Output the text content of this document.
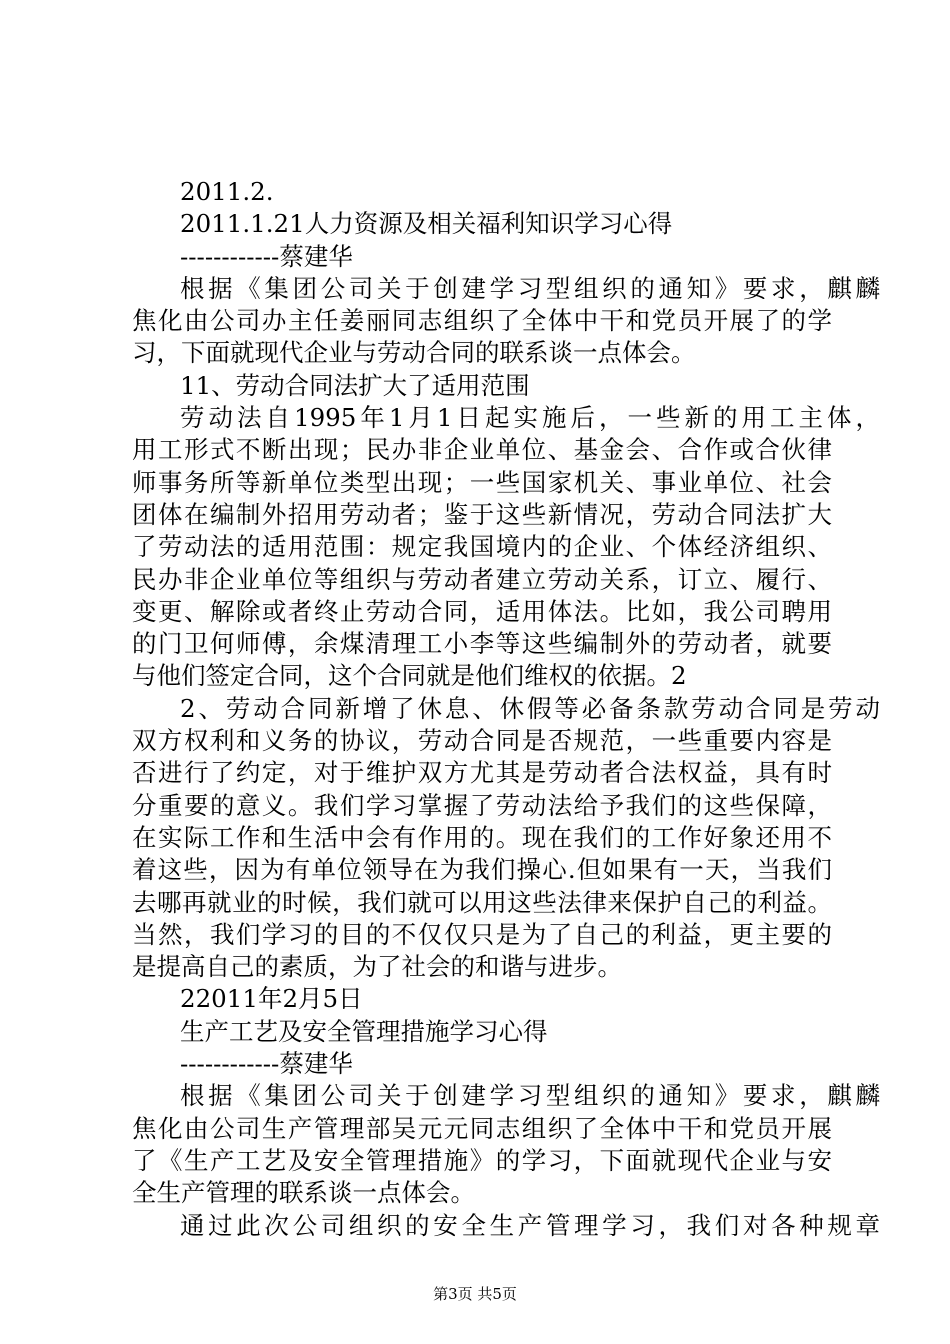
2011.2.
2011.1.21人力资源及相关福利知识学习心得
------------蔡建华
根据《集团公司关于创建学习型组织的通知》要求，麒麟
焦化由公司办主任姜丽同志组织了全体中干和党员开展了的学
习，下面就现代企业与劳动合同的联系谈一点体会。
11、劳动合同法扩大了适用范围
劳动法自1995年1月1日起实施后，一些新的用工主体，
用工形式不断出现；民办非企业单位、基金会、合作或合伙律
师事务所等新单位类型出现；一些国家机关、事业单位、社会
团体在编制外招用劳动者；鉴于这些新情况，劳动合同法扩大
了劳动法的适用范围：规定我国境内的企业、个体经济组织、
民办非企业单位等组织与劳动者建立劳动关系，订立、履行、
变更、解除或者终止劳动合同，适用体法。比如，我公司聘用
的门卫何师傅，余煤清理工小李等这些编制外的劳动者，就要
与他们签定合同，这个合同就是他们维权的依据。2
2、劳动合同新增了休息、休假等必备条款劳动合同是劳动
双方权利和义务的协议，劳动合同是否规范，一些重要内容是
否进行了约定，对于维护双方尤其是劳动者合法权益，具有时
分重要的意义。我们学习掌握了劳动法给予我们的这些保障，
在实际工作和生活中会有作用的。现在我们的工作好象还用不
着这些，因为有单位领导在为我们操心.但如果有一天，当我们
去哪再就业的时候，我们就可以用这些法律来保护自己的利益。
当然，我们学习的目的不仅仅只是为了自己的利益，更主要的
是提高自己的素质，为了社会的和谐与进步。
22011年2月5日
生产工艺及安全管理措施学习心得
------------蔡建华
根据《集团公司关于创建学习型组织的通知》要求，麒麟
焦化由公司生产管理部吴元元同志组织了全体中干和党员开展
了《生产工艺及安全管理措施》的学习，下面就现代企业与安
全生产管理的联系谈一点体会。
通过此次公司组织的安全生产管理学习，我们对各种规章
第3页 共5页
